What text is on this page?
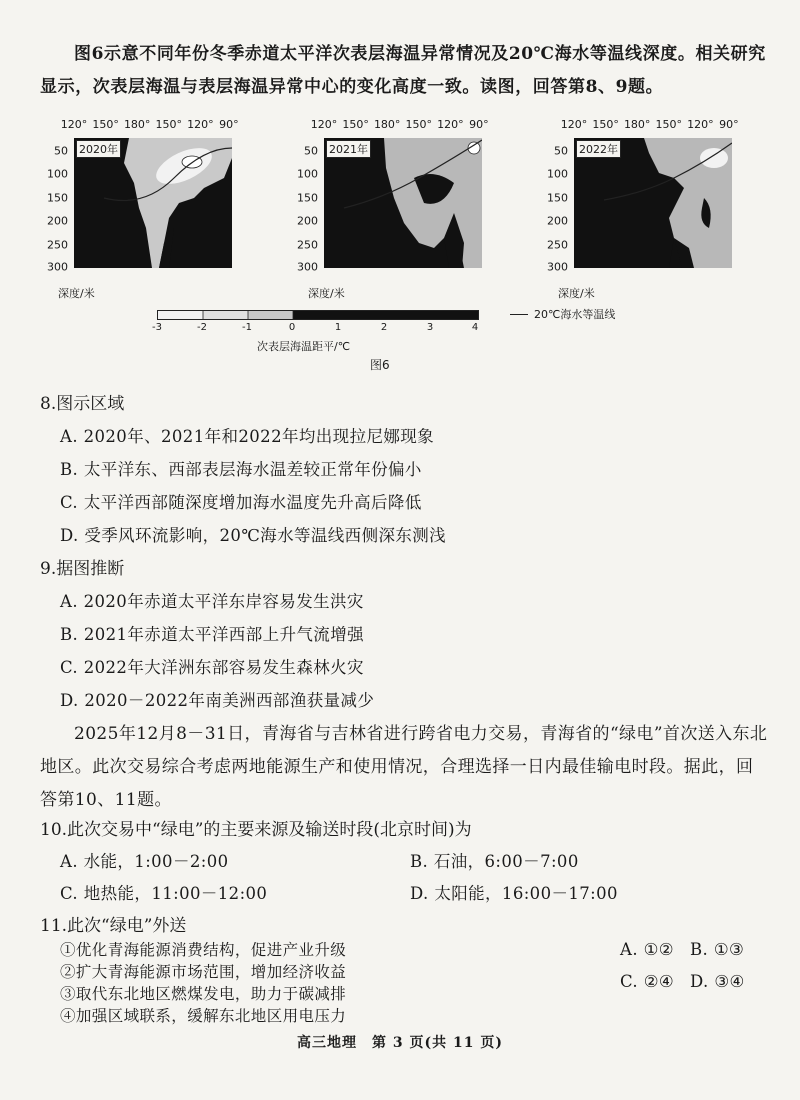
图6示意不同年份冬季赤道太平洋次表层海温异常情况及20℃海水等温线深度。相关研究显示，次表层海温与表层海温异常中心的变化高度一致。读图，回答第8、9题。
120° 150° 180° 150° 120° 90°
50
100
150
200
250
300
2020年
深度/米
120° 150° 180° 150° 120° 90°
50
100
150
200
250
300
2021年
深度/米
120° 150° 180° 150° 120° 90°
50
100
150
200
250
300
2022年
深度/米
-3	-2	-1	0	1	2	3	4
次表层海温距平/℃
20℃海水等温线
图6
8.图示区域
A. 2020年、2021年和2022年均出现拉尼娜现象
B. 太平洋东、西部表层海水温差较正常年份偏小
C. 太平洋西部随深度增加海水温度先升高后降低
D. 受季风环流影响，20℃海水等温线西侧深东测浅
9.据图推断
A. 2020年赤道太平洋东岸容易发生洪灾
B. 2021年赤道太平洋西部上升气流增强
C. 2022年大洋洲东部容易发生森林火灾
D. 2020－2022年南美洲西部渔获量减少
2025年12月8－31日，青海省与吉林省进行跨省电力交易，青海省的“绿电”首次送入东北地区。此次交易综合考虑两地能源生产和使用情况，合理选择一日内最佳输电时段。据此，回答第10、11题。
10.此次交易中“绿电”的主要来源及输送时段(北京时间)为
A. 水能，1:00－2:00	B. 石油，6:00－7:00
C. 地热能，11:00－12:00	D. 太阳能，16:00－17:00
11.此次“绿电”外送
①优化青海能源消费结构，促进产业升级
②扩大青海能源市场范围，增加经济收益
③取代东北地区燃煤发电，助力于碳减排
④加强区域联系，缓解东北地区用电压力
A. ①② B. ①③
C. ②④ D. ③④
高三地理　第 3 页(共 11 页)
